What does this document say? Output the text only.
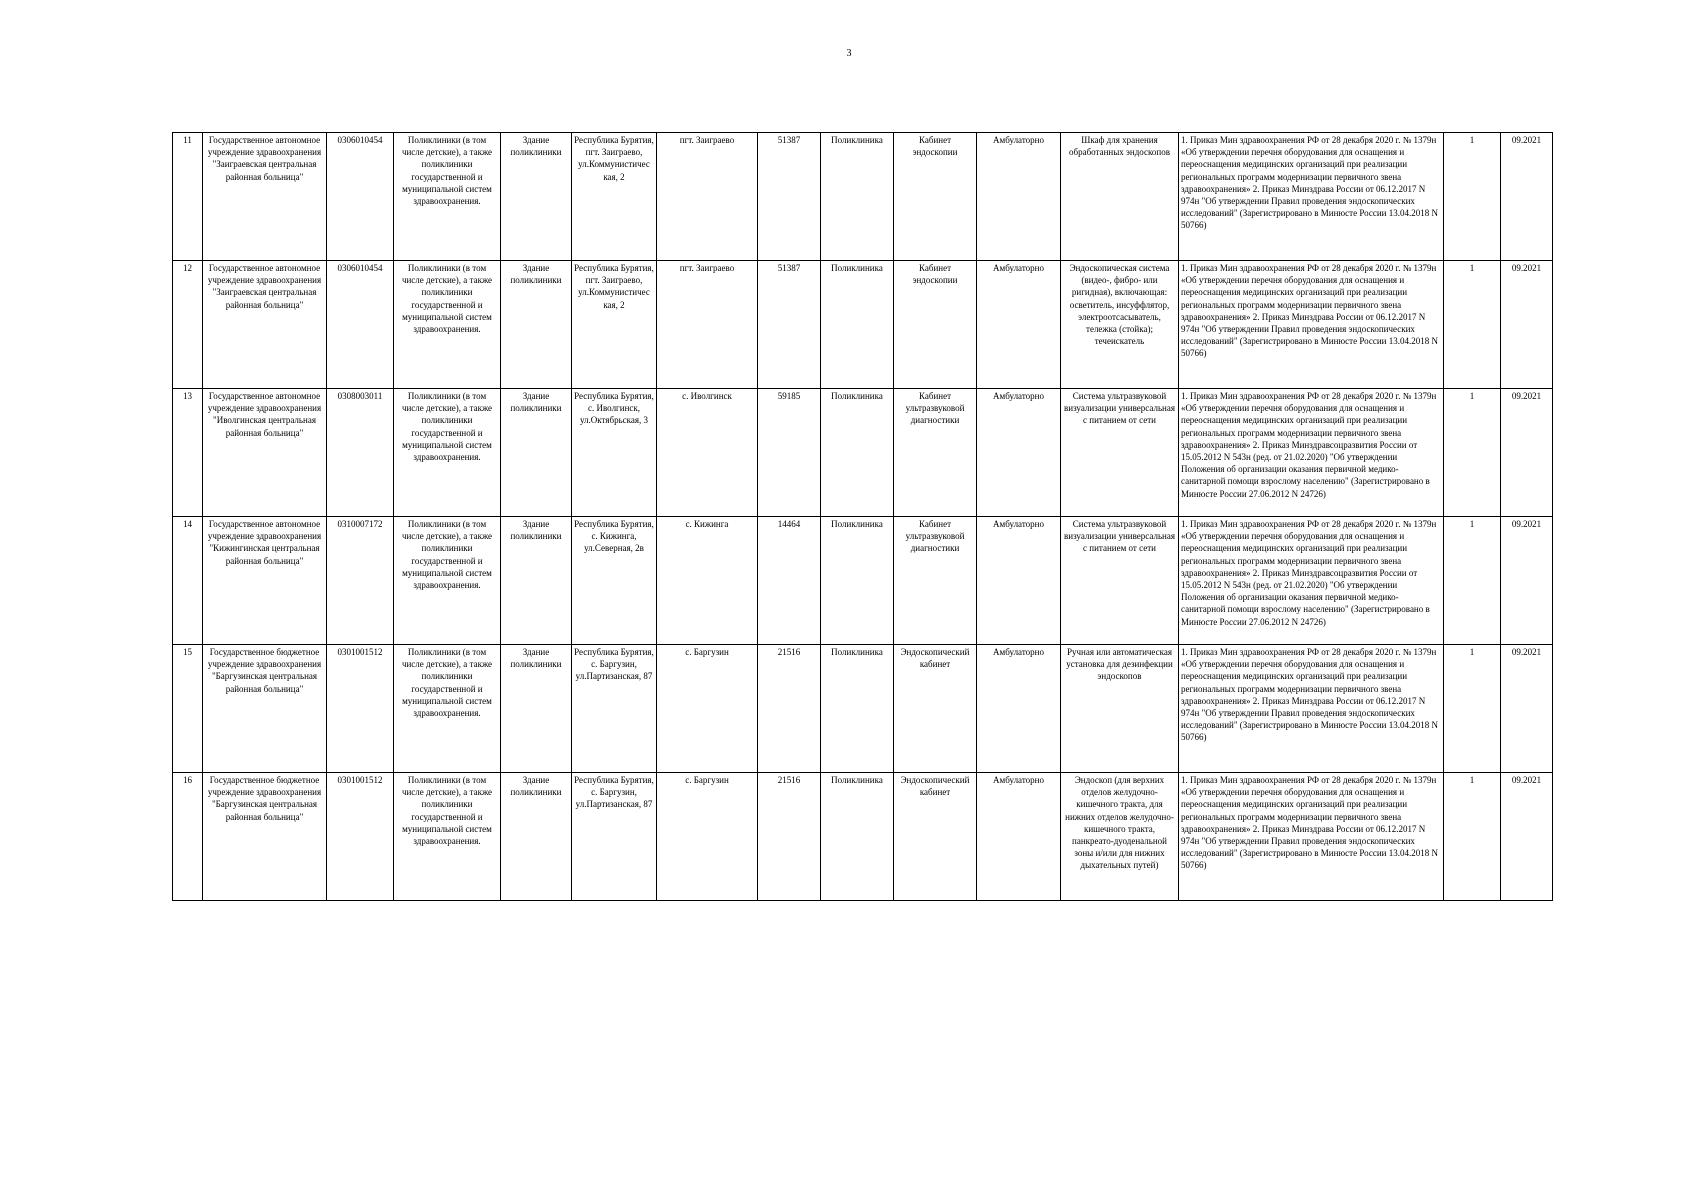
3
11	Государственное автономное учреждение здравоохранения "Заиграевская центральная районная больница"	0306010454	Поликлиники (в том числе детские), а также поликлиники государственной и муниципальной систем здравоохранения.	Здание поликлиники	Республика Бурятия, пгт. Заиграево, ул.Коммунистичес кая, 2	пгт. Заиграево	51387	Поликлиника	Кабинет эндоскопии	Амбулаторно	Шкаф для хранения обработанных эндоскопов	1. Приказ Мин здравоохранения РФ от 28 декабря 2020 г. № 1379н «Об утверждении перечня оборудования для оснащения и переоснащения медицинских организаций при реализации региональных программ модернизации первичного звена здравоохранения» 2. Приказ Минздрава России от 06.12.2017 N 974н "Об утверждении Правил проведения эндоскопических исследований" (Зарегистрировано в Минюсте России 13.04.2018 N 50766)	1	09.2021
12	Государственное автономное учреждение здравоохранения "Заиграевская центральная районная больница"	0306010454	Поликлиники (в том числе детские), а также поликлиники государственной и муниципальной систем здравоохранения.	Здание поликлиники	Республика Бурятия, пгт. Заиграево, ул.Коммунистичес кая, 2	пгт. Заиграево	51387	Поликлиника	Кабинет эндоскопии	Амбулаторно	Эндоскопическая система (видео-, фибро- или ригидная), включающая: осветитель, инсуффлятор, электроотсасыватель, тележка (стойка); течеискатель	1. Приказ Мин здравоохранения РФ от 28 декабря 2020 г. № 1379н «Об утверждении перечня оборудования для оснащения и переоснащения медицинских организаций при реализации региональных программ модернизации первичного звена здравоохранения» 2. Приказ Минздрава России от 06.12.2017 N 974н "Об утверждении Правил проведения эндоскопических исследований" (Зарегистрировано в Минюсте России 13.04.2018 N 50766)	1	09.2021
13	Государственное автономное учреждение здравоохранения "Иволгинская центральная районная больница"	0308003011	Поликлиники (в том числе детские), а также поликлиники государственной и муниципальной систем здравоохранения.	Здание поликлиники	Республика Бурятия, с. Иволгинск, ул.Октябрьская, 3	с. Иволгинск	59185	Поликлиника	Кабинет ультразвуковой диагностики	Амбулаторно	Система ультразвуковой визуализации универсальная с питанием от сети	1. Приказ Мин здравоохранения РФ от 28 декабря 2020 г. № 1379н «Об утверждении перечня оборудования для оснащения и переоснащения медицинских организаций при реализации региональных программ модернизации первичного звена здравоохранения» 2. Приказ Минздравсоцразвития России от 15.05.2012 N 543н (ред. от 21.02.2020) "Об утверждении Положения об организации оказания первичной медико-санитарной помощи взрослому населению" (Зарегистрировано в Минюсте России 27.06.2012 N 24726)	1	09.2021
14	Государственное автономное учреждение здравоохранения "Кижингинская центральная районная больница"	0310007172	Поликлиники (в том числе детские), а также поликлиники государственной и муниципальной систем здравоохранения.	Здание поликлиники	Республика Бурятия, с. Кижинга, ул.Северная, 2в	с. Кижинга	14464	Поликлиника	Кабинет ультразвуковой диагностики	Амбулаторно	Система ультразвуковой визуализации универсальная с питанием от сети	1. Приказ Мин здравоохранения РФ от 28 декабря 2020 г. № 1379н «Об утверждении перечня оборудования для оснащения и переоснащения медицинских организаций при реализации региональных программ модернизации первичного звена здравоохранения» 2. Приказ Минздравсоцразвития России от 15.05.2012 N 543н (ред. от 21.02.2020) "Об утверждении Положения об организации оказания первичной медико-санитарной помощи взрослому населению" (Зарегистрировано в Минюсте России 27.06.2012 N 24726)	1	09.2021
15	Государственное бюджетное учреждение здравоохранения "Баргузинская центральная районная больница"	0301001512	Поликлиники (в том числе детские), а также поликлиники государственной и муниципальной систем здравоохранения.	Здание поликлиники	Республика Бурятия, с. Баргузин, ул.Партизанская, 87	с. Баргузин	21516	Поликлиника	Эндоскопический кабинет	Амбулаторно	Ручная или автоматическая установка для дезинфекции эндоскопов	1. Приказ Мин здравоохранения РФ от 28 декабря 2020 г. № 1379н «Об утверждении перечня оборудования для оснащения и переоснащения медицинских организаций при реализации региональных программ модернизации первичного звена здравоохранения» 2. Приказ Минздрава России от 06.12.2017 N 974н "Об утверждении Правил проведения эндоскопических исследований" (Зарегистрировано в Минюсте России 13.04.2018 N 50766)	1	09.2021
16	Государственное бюджетное учреждение здравоохранения "Баргузинская центральная районная больница"	0301001512	Поликлиники (в том числе детские), а также поликлиники государственной и муниципальной систем здравоохранения.	Здание поликлиники	Республика Бурятия, с. Баргузин, ул.Партизанская, 87	с. Баргузин	21516	Поликлиника	Эндоскопический кабинет	Амбулаторно	Эндоскоп (для верхних отделов желудочно-кишечного тракта, для нижних отделов желудочно-кишечного тракта, панкреато-дуоденальной зоны и/или для нижних дыхательных путей)	1. Приказ Мин здравоохранения РФ от 28 декабря 2020 г. № 1379н «Об утверждении перечня оборудования для оснащения и переоснащения медицинских организаций при реализации региональных программ модернизации первичного звена здравоохранения» 2. Приказ Минздрава России от 06.12.2017 N 974н "Об утверждении Правил проведения эндоскопических исследований" (Зарегистрировано в Минюсте России 13.04.2018 N 50766)	1	09.2021
